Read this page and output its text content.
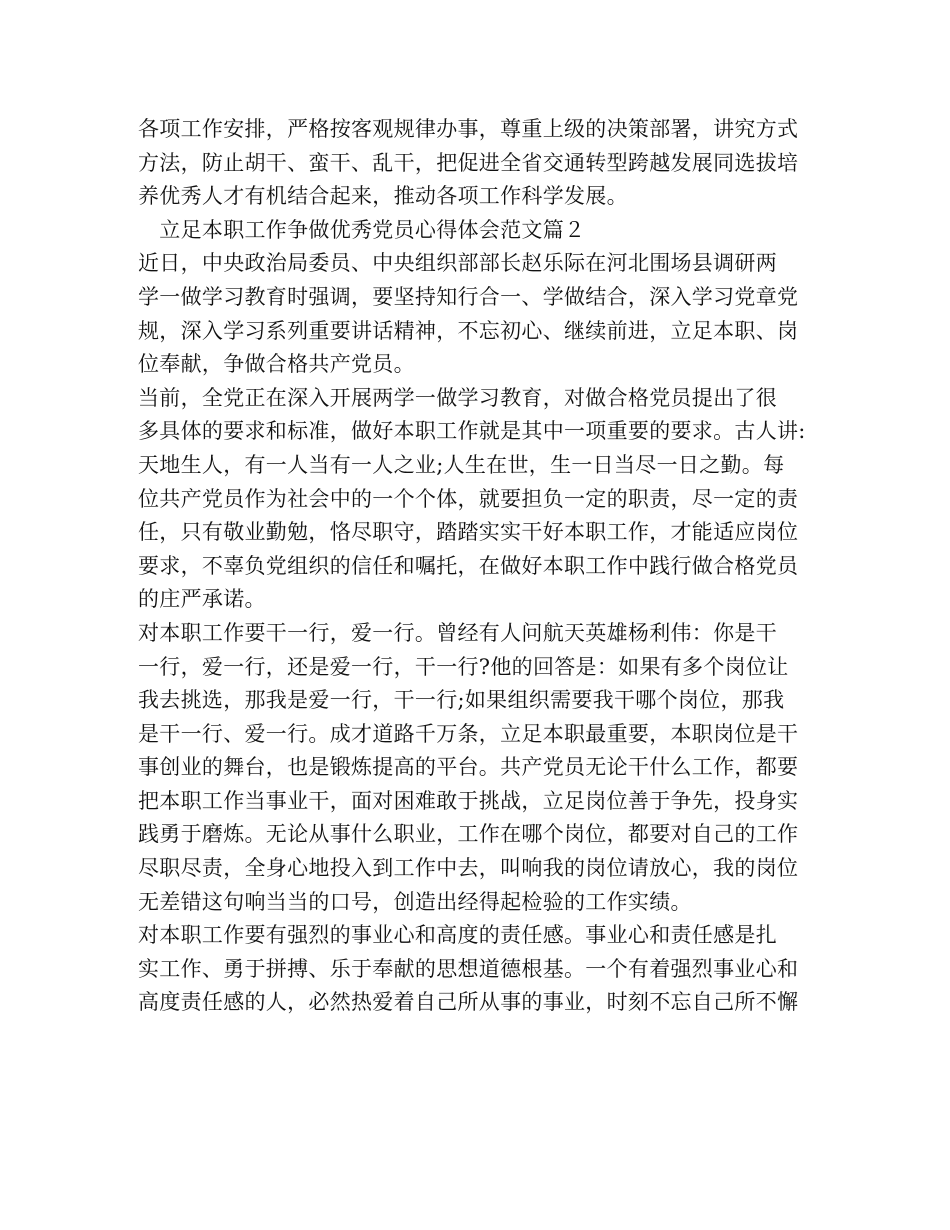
各项工作安排，严格按客观规律办事，尊重上级的决策部署，讲究方式
方法，防止胡干、蛮干、乱干，把促进全省交通转型跨越发展同选拔培
养优秀人才有机结合起来，推动各项工作科学发展。
　立足本职工作争做优秀党员心得体会范文篇２
近日，中央政治局委员、中央组织部部长赵乐际在河北围场县调研两
学一做学习教育时强调，要坚持知行合一、学做结合，深入学习党章党
规，深入学习系列重要讲话精神，不忘初心、继续前进，立足本职、岗
位奉献，争做合格共产党员。
当前，全党正在深入开展两学一做学习教育，对做合格党员提出了很
多具体的要求和标准，做好本职工作就是其中一项重要的要求。古人讲:
天地生人，有一人当有一人之业;人生在世，生一日当尽一日之勤。每
位共产党员作为社会中的一个个体，就要担负一定的职责，尽一定的责
任，只有敬业勤勉，恪尽职守，踏踏实实干好本职工作，才能适应岗位
要求，不辜负党组织的信任和嘱托，在做好本职工作中践行做合格党员
的庄严承诺。
对本职工作要干一行，爱一行。曾经有人问航天英雄杨利伟：你是干
一行，爱一行，还是爱一行，干一行?他的回答是：如果有多个岗位让
我去挑选，那我是爱一行，干一行;如果组织需要我干哪个岗位，那我
是干一行、爱一行。成才道路千万条，立足本职最重要，本职岗位是干
事创业的舞台，也是锻炼提高的平台。共产党员无论干什么工作，都要
把本职工作当事业干，面对困难敢于挑战，立足岗位善于争先，投身实
践勇于磨炼。无论从事什么职业，工作在哪个岗位，都要对自己的工作
尽职尽责，全身心地投入到工作中去，叫响我的岗位请放心，我的岗位
无差错这句响当当的口号，创造出经得起检验的工作实绩。
对本职工作要有强烈的事业心和高度的责任感。事业心和责任感是扎
实工作、勇于拼搏、乐于奉献的思想道德根基。一个有着强烈事业心和
高度责任感的人，必然热爱着自己所从事的事业，时刻不忘自己所不懈
